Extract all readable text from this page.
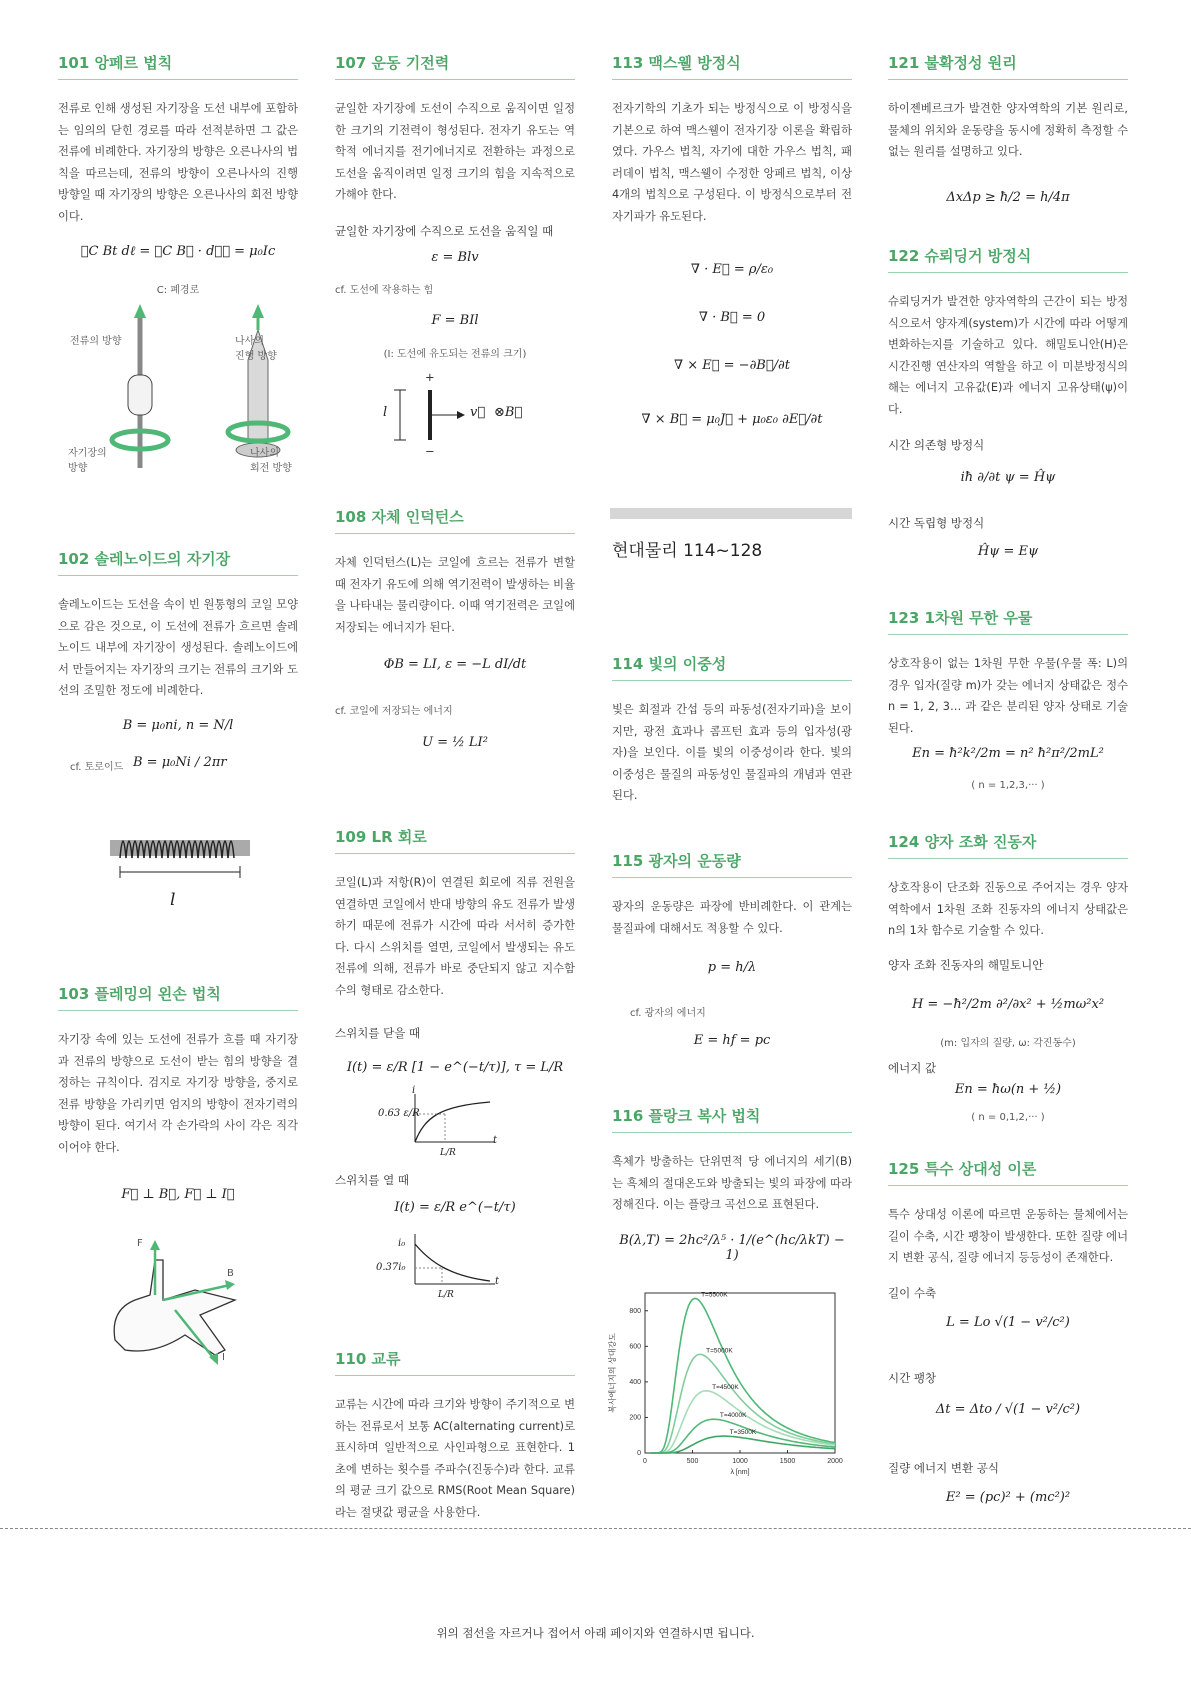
101 앙페르 법칙

전류로 인해 생성된 자기장을 도선 내부에 포함하는 임의의 닫힌 경로를 따라 선적분하면 그 값은 전류에 비례한다. 자기장의 방향은 오른나사의 법칙을 따르는데, 전류의 방향이 오른나사의 진행 방향일 때 자기장의 방향은 오른나사의 회전 방향이다.

∮C Bt dℓ = ∮C B⃗ · dℓ⃗ = μ₀Iс

C: 폐경로

전류의 방향	나사의
진행 방향

자기장의
방향

나사의
회전 방향

102 솔레노이드의 자기장

솔레노이드는 도선을 속이 빈 원통형의 코일 모양으로 감은 것으로, 이 도선에 전류가 흐르면 솔레노이드 내부에 자기장이 생성된다. 솔레노이드에서 만들어지는 자기장의 크기는 전류의 크기와 도선의 조밀한 정도에 비례한다.

B = μ₀ni, n = N/l

cf. 토로이드 B = μ₀Ni / 2πr

l

103 플레밍의 왼손 법칙

자기장 속에 있는 도선에 전류가 흐를 때 자기장과 전류의 방향으로 도선이 받는 힘의 방향을 결정하는 규칙이다. 검지로 자기장 방향을, 중지로 전류 방향을 가리키면 엄지의 방향이 전자기력의 방향이 된다. 여기서 각 손가락의 사이 각은 직각이어야 한다.

F⃗ ⊥ B⃗, F⃗ ⊥ I⃗

F

B

I

107 운동 기전력

균일한 자기장에 도선이 수직으로 움직이면 일정한 크기의 기전력이 형성된다. 전자기 유도는 역학적 에너지를 전기에너지로 전환하는 과정으로 도선을 움직이려면 일정 크기의 힘을 지속적으로 가해야 한다.

균일한 자기장에 수직으로 도선을 움직일 때

ε = Blv

cf. 도선에 작용하는 힘

F = BIl

(I: 도선에 유도되는 전류의 크기)

+

−

l	v⃗ ⊗B⃗

108 자체 인덕턴스

자체 인덕턴스(L)는 코일에 흐르는 전류가 변할 때 전자기 유도에 의해 역기전력이 발생하는 비율을 나타내는 물리량이다. 이때 역기전력은 코일에 저장되는 에너지가 된다.

ΦB = LI, ε = −L dI/dt

cf. 코일에 저장되는 에너지

U = ½ LI²

109 LR 회로

코일(L)과 저항(R)이 연결된 회로에 직류 전원을 연결하면 코일에서 반대 방향의 유도 전류가 발생하기 때문에 전류가 시간에 따라 서서히 증가한다. 다시 스위치를 열면, 코일에서 발생되는 유도 전류에 의해, 전류가 바로 중단되지 않고 지수함수의 형태로 감소한다.

스위치를 닫을 때

I(t) = ε/R [1 − e^(−t/τ)], τ = L/R

0.63 ε/R

L/R

i

t

스위치를 열 때

I(t) = ε/R e^(−t/τ)

i₀

0.37i₀

L/R

t

110 교류

교류는 시간에 따라 크기와 방향이 주기적으로 변하는 전류로서 보통 AC(alternating current)로 표시하며 일반적으로 사인파형으로 표현한다. 1초에 변하는 횟수를 주파수(진동수)라 한다. 교류의 평균 크기 값으로 RMS(Root Mean Square)라는 절댓값 평균을 사용한다.

113 맥스웰 방정식

전자기학의 기초가 되는 방정식으로 이 방정식을 기본으로 하여 맥스웰이 전자기장 이론을 확립하였다. 가우스 법칙, 자기에 대한 가우스 법칙, 패러데이 법칙, 맥스웰이 수정한 앙페르 법칙, 이상 4개의 법칙으로 구성된다. 이 방정식으로부터 전자기파가 유도된다.

∇ · E⃗ = ρ/ε₀

∇ · B⃗ = 0

∇ × E⃗ = −∂B⃗/∂t

∇ × B⃗ = μ₀J⃗ + μ₀ε₀ ∂E⃗/∂t

현대물리 114~128

114 빛의 이중성

빛은 회절과 간섭 등의 파동성(전자기파)을 보이지만, 광전 효과나 콤프턴 효과 등의 입자성(광자)을 보인다. 이를 빛의 이중성이라 한다. 빛의 이중성은 물질의 파동성인 물질파의 개념과 연관된다.

115 광자의 운동량

광자의 운동량은 파장에 반비례한다. 이 관계는 물질파에 대해서도 적용할 수 있다.

p = h/λ

cf. 광자의 에너지

E = hf = pc

116 플랑크 복사 법칙

흑체가 방출하는 단위면적 당 에너지의 세기(B)는 흑체의 절대온도와 방출되는 빛의 파장에 따라 정해진다. 이는 플랑크 곡선으로 표현된다.

B(λ,T) = 2hc²/λ⁵ · 1/(e^(hc/λkT) − 1)

0	500	1000	1500	2000
0
200
400
600
800
λ [nm]
복사에너지의 상대강도
T=5500K
T=5000K
T=4500K
T=4000K
T=3500K

121 불확정성 원리

하이젠베르크가 발견한 양자역학의 기본 원리로, 물체의 위치와 운동량을 동시에 정확히 측정할 수 없는 원리를 설명하고 있다.

ΔxΔp ≥ ħ/2 = h/4π

122 슈뢰딩거 방정식

슈뢰딩거가 발견한 양자역학의 근간이 되는 방정식으로서 양자계(system)가 시간에 따라 어떻게 변화하는지를 기술하고 있다. 해밀토니안(H)은 시간진행 연산자의 역할을 하고 이 미분방정식의 해는 에너지 고유값(E)과 에너지 고유상태(ψ)이다.

시간 의존형 방정식

iħ ∂/∂t ψ = Ĥψ

시간 독립형 방정식

Ĥψ = Eψ

123 1차원 무한 우물

상호작용이 없는 1차원 무한 우물(우물 폭: L)의 경우 입자(질량 m)가 갖는 에너지 상태값은 정수 n = 1, 2, 3… 과 같은 분리된 양자 상태로 기술된다.

En = ħ²k²/2m = n² ħ²π²/2mL²

( n = 1,2,3,··· )

124 양자 조화 진동자

상호작용이 단조화 진동으로 주어지는 경우 양자역학에서 1차원 조화 진동자의 에너지 상태값은 n의 1차 함수로 기술할 수 있다.

양자 조화 진동자의 해밀토니안

H = −ħ²/2m ∂²/∂x² + ½mω²x²

(m: 입자의 질량, ω: 각진동수)

에너지 값

En = ħω(n + ½)

( n = 0,1,2,··· )

125 특수 상대성 이론

특수 상대성 이론에 따르면 운동하는 물체에서는 길이 수축, 시간 팽창이 발생한다. 또한 질량 에너지 변환 공식, 질량 에너지 등등성이 존재한다.

길이 수축

L = Lo √(1 − v²/c²)

시간 팽창

Δt = Δto / √(1 − v²/c²)

질량 에너지 변환 공식

E² = (pc)² + (mc²)²

위의 점선을 자르거나 접어서 아래 페이지와 연결하시면 됩니다.
